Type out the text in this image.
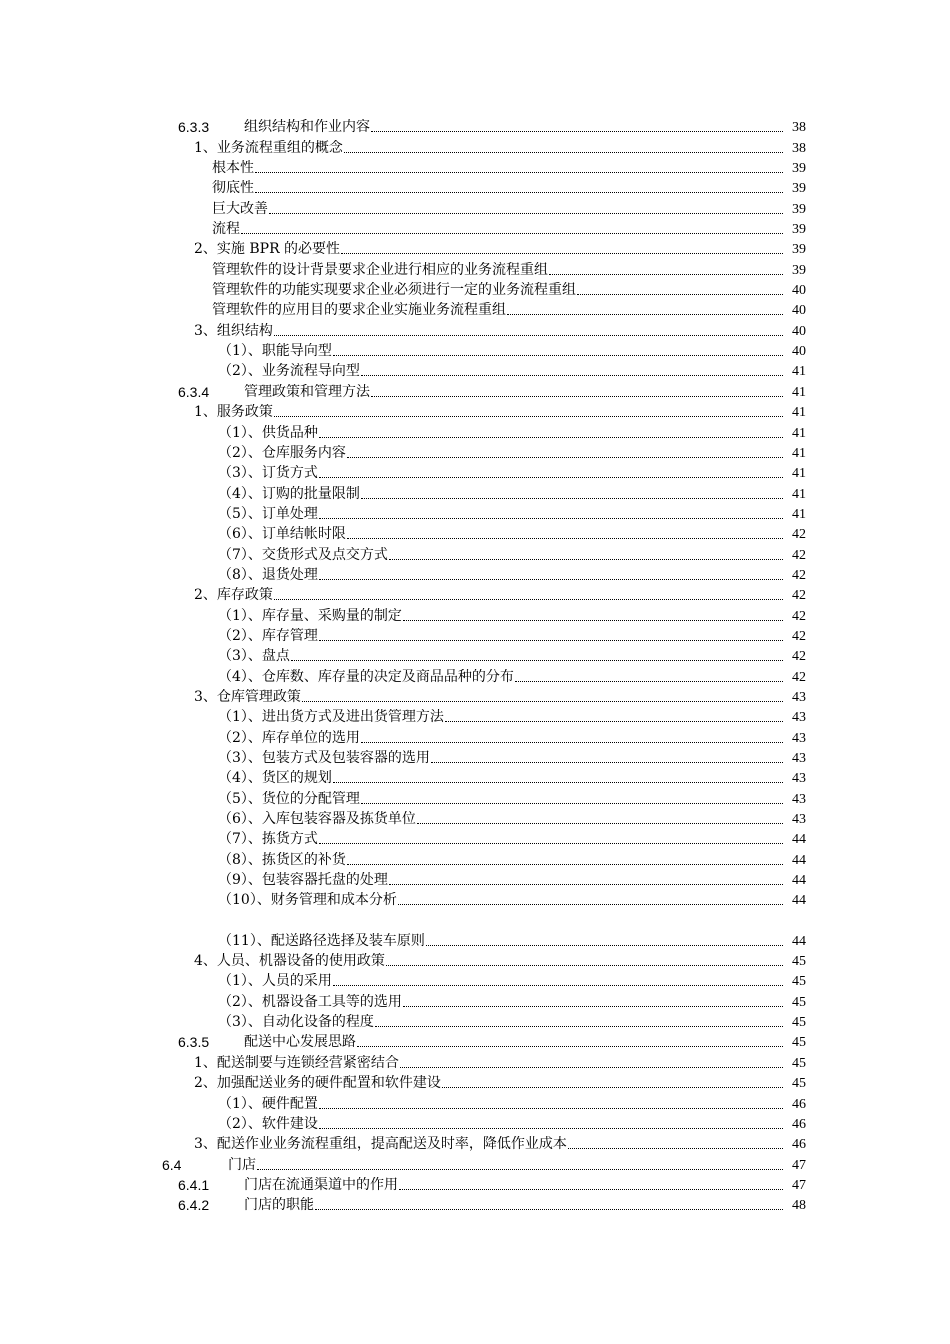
6.3.3	组织结构和作业内容	38
1、业务流程重组的概念	38
根本性	39
彻底性	39
巨大改善	39
流程	39
2、实施 BPR 的必要性	39
管理软件的设计背景要求企业进行相应的业务流程重组	39
管理软件的功能实现要求企业必须进行一定的业务流程重组	40
管理软件的应用目的要求企业实施业务流程重组	40
3、组织结构	40
（1）、职能导向型	40
（2）、业务流程导向型	41
6.3.4	管理政策和管理方法	41
1、服务政策	41
（1）、供货品种	41
（2）、仓库服务内容	41
（3）、订货方式	41
（4）、订购的批量限制	41
（5）、订单处理	41
（6）、订单结帐时限	42
（7）、交货形式及点交方式	42
（8）、退货处理	42
2、库存政策	42
（1）、库存量、采购量的制定	42
（2）、库存管理	42
（3）、盘点	42
（4）、仓库数、库存量的决定及商品品种的分布	42
3、仓库管理政策	43
（1）、进出货方式及进出货管理方法	43
（2）、库存单位的选用	43
（3）、包装方式及包装容器的选用	43
（4）、货区的规划	43
（5）、货位的分配管理	43
（6）、入库包装容器及拣货单位	43
（7）、拣货方式	44
（8）、拣货区的补货	44
（9）、包装容器托盘的处理	44
（10）、财务管理和成本分析	44
（11）、配送路径选择及装车原则	44
4、人员、机器设备的使用政策	45
（1）、人员的采用	45
（2）、机器设备工具等的选用	45
（3）、自动化设备的程度	45
6.3.5	配送中心发展思路	45
1、配送制要与连锁经营紧密结合	45
2、加强配送业务的硬件配置和软件建设	45
（1）、硬件配置	46
（2）、软件建设	46
3、配送作业业务流程重组，提高配送及时率，降低作业成本	46
6.4	门店	47
6.4.1	门店在流通渠道中的作用	47
6.4.2	门店的职能	48
